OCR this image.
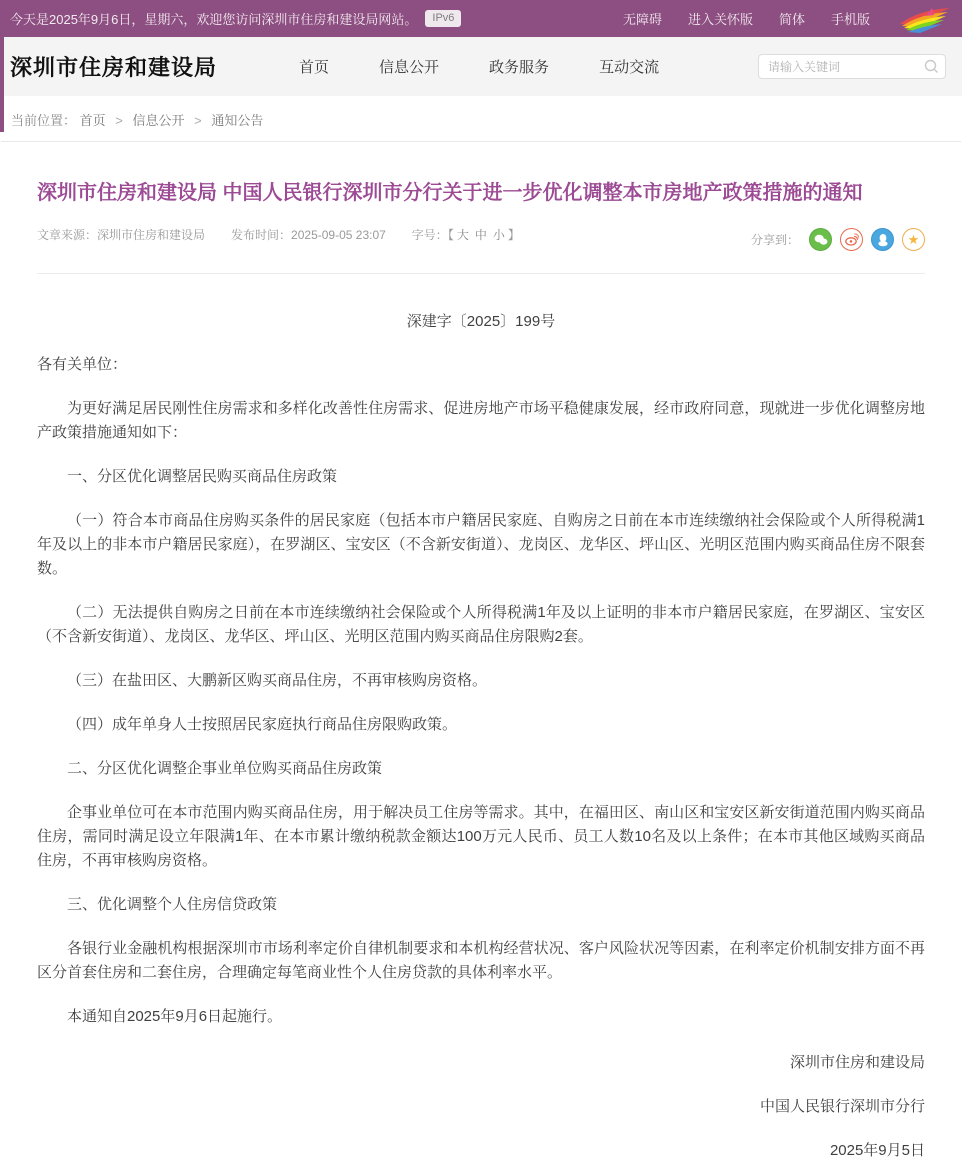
今天是2025年9月6日，星期六，欢迎您访问深圳市住房和建设局网站。	IPv6	无障碍 进入关怀版 简体 手机版
深圳市住房和建设局	首页	信息公开	政务服务	互动交流
请输入关键词
当前位置： 首页 > 信息公开 > 通知公告
深圳市住房和建设局 中国人民银行深圳市分行关于进一步优化调整本市房地产政策措施的通知
文章来源：深圳市住房和建设局 发布时间：2025-09-05 23:07 字号：【 大 中 小 】	分享到：	★

深建字〔2025〕199号

各有关单位：

为更好满足居民刚性住房需求和多样化改善性住房需求、促进房地产市场平稳健康发展，经市政府同意，现就进一步优化调整房地产政策措施通知如下：

一、分区优化调整居民购买商品住房政策

（一）符合本市商品住房购买条件的居民家庭（包括本市户籍居民家庭、自购房之日前在本市连续缴纳社会保险或个人所得税满1年及以上的非本市户籍居民家庭），在罗湖区、宝安区（不含新安街道）、龙岗区、龙华区、坪山区、光明区范围内购买商品住房不限套数。

（二）无法提供自购房之日前在本市连续缴纳社会保险或个人所得税满1年及以上证明的非本市户籍居民家庭，在罗湖区、宝安区（不含新安街道）、龙岗区、龙华区、坪山区、光明区范围内购买商品住房限购2套。

（三）在盐田区、大鹏新区购买商品住房，不再审核购房资格。

（四）成年单身人士按照居民家庭执行商品住房限购政策。

二、分区优化调整企事业单位购买商品住房政策

企事业单位可在本市范围内购买商品住房，用于解决员工住房等需求。其中，在福田区、南山区和宝安区新安街道范围内购买商品住房，需同时满足设立年限满1年、在本市累计缴纳税款金额达100万元人民币、员工人数10名及以上条件；在本市其他区域购买商品住房，不再审核购房资格。

三、优化调整个人住房信贷政策

各银行业金融机构根据深圳市市场利率定价自律机制要求和本机构经营状况、客户风险状况等因素，在利率定价机制安排方面不再区分首套住房和二套住房，合理确定每笔商业性个人住房贷款的具体利率水平。

本通知自2025年9月6日起施行。

深圳市住房和建设局

中国人民银行深圳市分行

2025年9月5日
